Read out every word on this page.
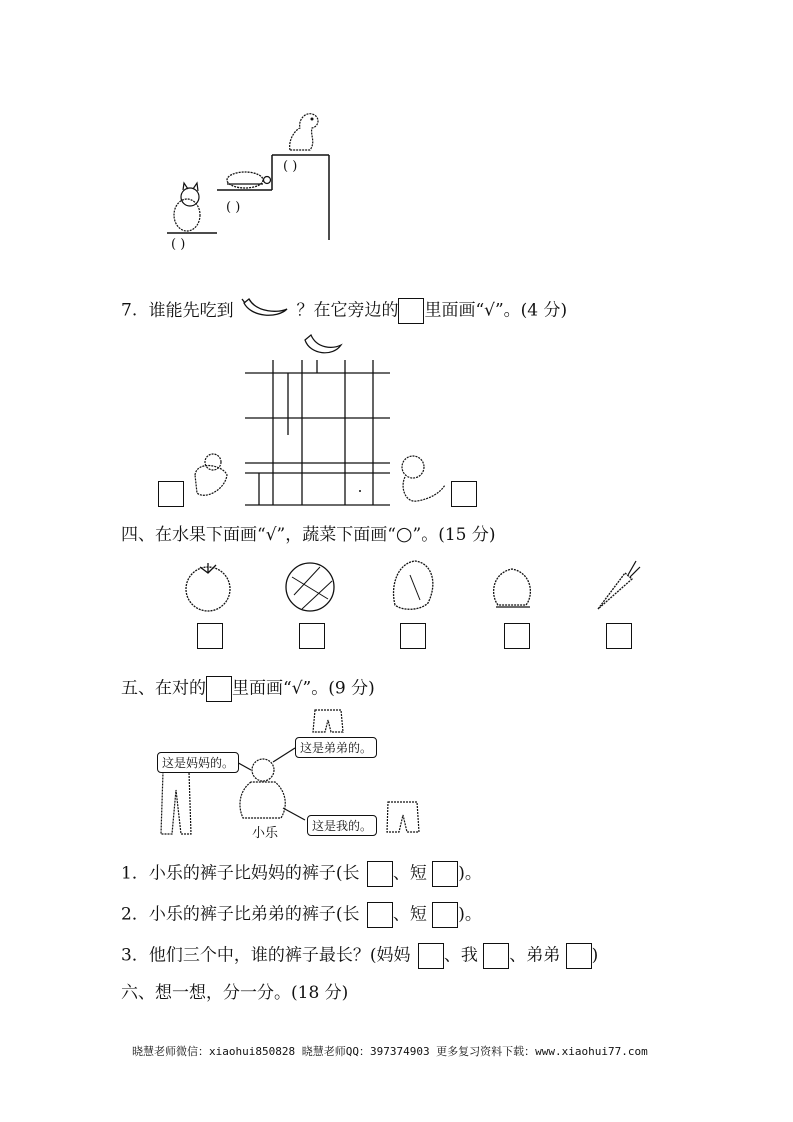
( )
( )
( )
7. 谁能先吃到	？在它旁边的 里面画“√”。(4 分)
四、在水果下面画“√”，蔬菜下面画“○”。(15 分)
五、在对的 里面画“√”。(9 分)
这是妈妈的。
这是弟弟的。
这是我的。
小乐
1．小乐的裤子比妈妈的裤子(长 、短 )。
2．小乐的裤子比弟弟的裤子(长 、短 )。
3．他们三个中，谁的裤子最长？(妈妈 、我 、弟弟 )
六、想一想，分一分。(18 分)
晓慧老师微信：xiaohui850828 晓慧老师QQ：397374903 更多复习资料下载：www.xiaohui77.com
